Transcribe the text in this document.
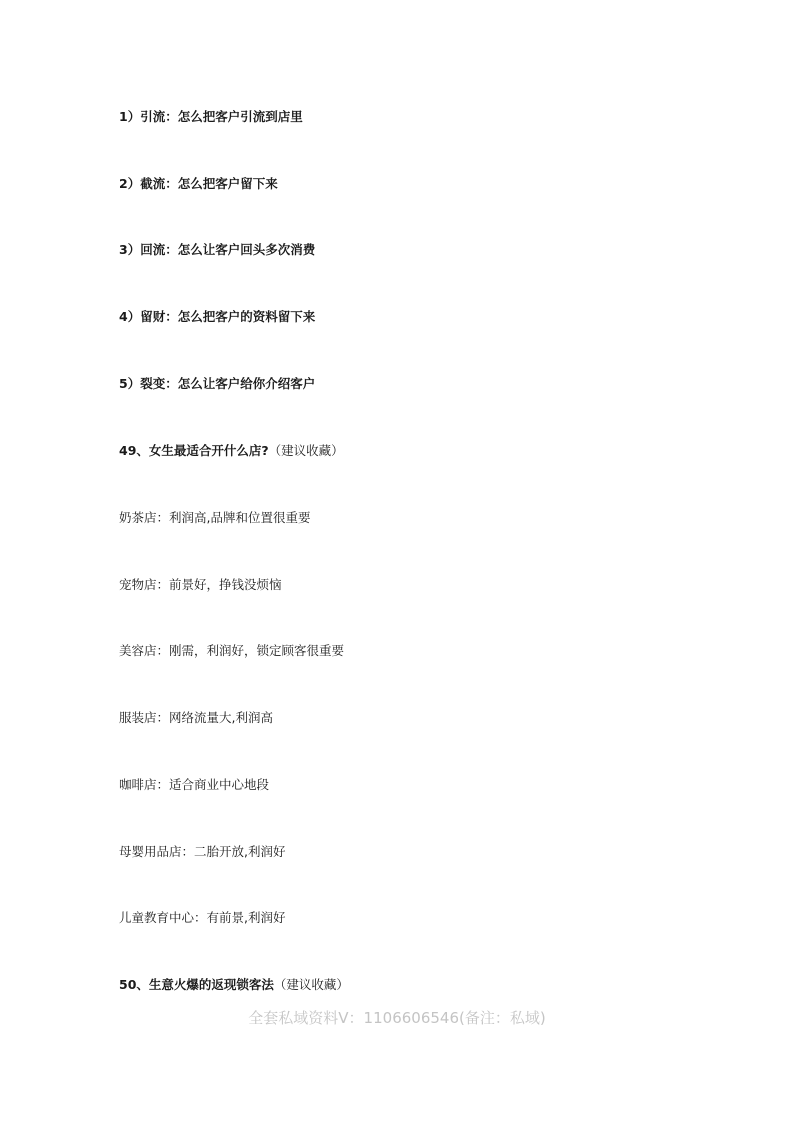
1）引流：怎么把客户引流到店里
2）截流：怎么把客户留下来
3）回流：怎么让客户回头多次消费
4）留财：怎么把客户的资料留下来
5）裂变：怎么让客户给你介绍客户
49、女生最适合开什么店?（建议收藏）
奶茶店：利润高,品牌和位置很重要
宠物店：前景好，挣钱没烦恼
美容店：刚需，利润好，锁定顾客很重要
服装店：网络流量大,利润高
咖啡店：适合商业中心地段
母婴用品店：二胎开放,利润好
儿童教育中心：有前景,利润好
50、生意火爆的返现锁客法（建议收藏）
全套私域资料V：1106606546(备注：私域)
